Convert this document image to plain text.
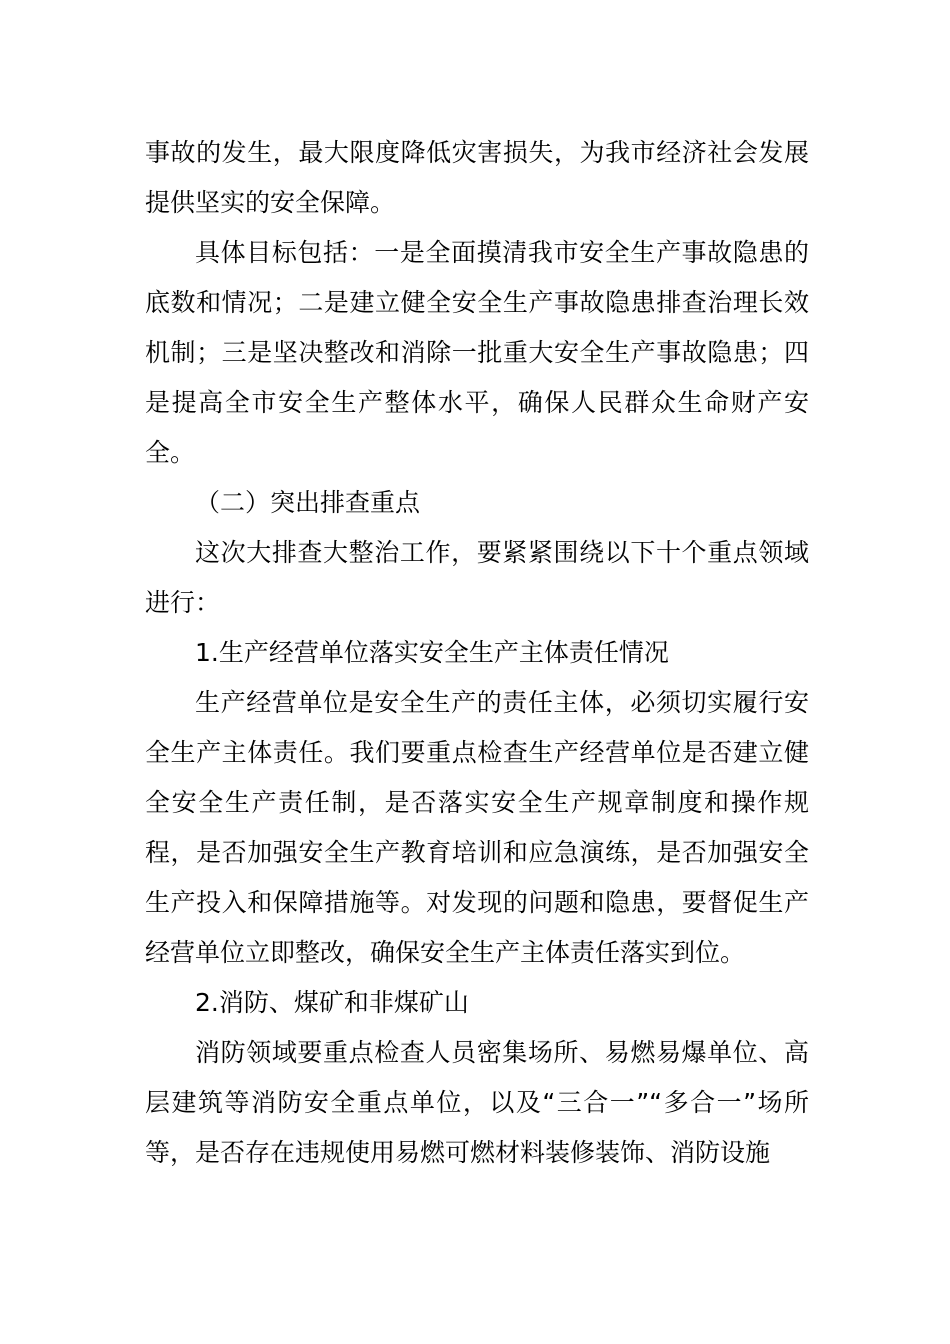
事故的发生，最大限度降低灾害损失，为我市经济社会发展提供坚实的安全保障。

具体目标包括：一是全面摸清我市安全生产事故隐患的底数和情况；二是建立健全安全生产事故隐患排查治理长效机制；三是坚决整改和消除一批重大安全生产事故隐患；四是提高全市安全生产整体水平，确保人民群众生命财产安全。

（二）突出排查重点

这次大排查大整治工作，要紧紧围绕以下十个重点领域进行：

1.生产经营单位落实安全生产主体责任情况

生产经营单位是安全生产的责任主体，必须切实履行安全生产主体责任。我们要重点检查生产经营单位是否建立健全安全生产责任制，是否落实安全生产规章制度和操作规程，是否加强安全生产教育培训和应急演练，是否加强安全生产投入和保障措施等。对发现的问题和隐患，要督促生产经营单位立即整改，确保安全生产主体责任落实到位。

2.消防、煤矿和非煤矿山

消防领域要重点检查人员密集场所、易燃易爆单位、高层建筑等消防安全重点单位，以及“三合一”“多合一”场所等，是否存在违规使用易燃可燃材料装修装饰、消防设施
